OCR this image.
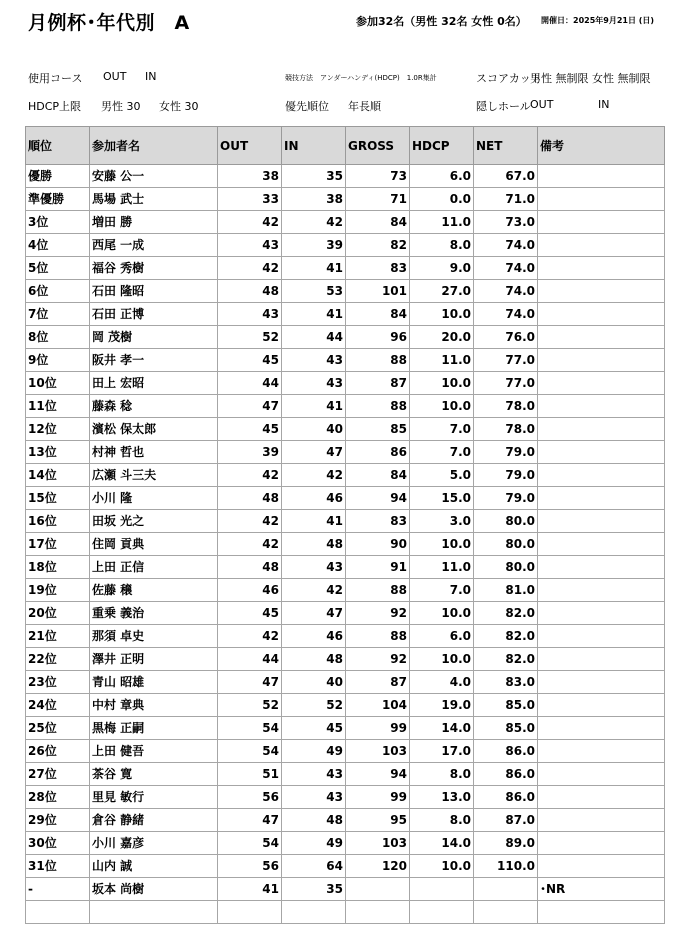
月例杯･年代別　A	参加32名（男性 32名 女性 0名） 開催日：2025年9月21日 (日)
使用コース OUT IN	競技方法　アンダーハンディ(HDCP)　1.0R集計	スコアカット
男性 無制限 女性 無制限
HDCP上限 男性 30 女性 30	優先順位 年長順	隠しホール OUT	IN
順位	参加者名	OUT	IN	GROSS	HDCP	NET	備考
優勝	安藤 公一	38	35	73	6.0	67.0	
準優勝	馬場 武士	33	38	71	0.0	71.0	
3位	増田 勝	42	42	84	11.0	73.0	
4位	西尾 一成	43	39	82	8.0	74.0	
5位	福谷 秀樹	42	41	83	9.0	74.0	
6位	石田 隆昭	48	53	101	27.0	74.0	
7位	石田 正博	43	41	84	10.0	74.0	
8位	岡 茂樹	52	44	96	20.0	76.0	
9位	阪井 孝一	45	43	88	11.0	77.0	
10位	田上 宏昭	44	43	87	10.0	77.0	
11位	藤森 稔	47	41	88	10.0	78.0	
12位	濱松 保太郎	45	40	85	7.0	78.0	
13位	村神 哲也	39	47	86	7.0	79.0	
14位	広瀬 斗三夫	42	42	84	5.0	79.0	
15位	小川 隆	48	46	94	15.0	79.0	
16位	田坂 光之	42	41	83	3.0	80.0	
17位	住岡 貢典	42	48	90	10.0	80.0	
18位	上田 正信	48	43	91	11.0	80.0	
19位	佐藤 穣	46	42	88	7.0	81.0	
20位	重乗 義治	45	47	92	10.0	82.0	
21位	那須 卓史	42	46	88	6.0	82.0	
22位	澤井 正明	44	48	92	10.0	82.0	
23位	青山 昭雄	47	40	87	4.0	83.0	
24位	中村 章典	52	52	104	19.0	85.0	
25位	黒梅 正嗣	54	45	99	14.0	85.0	
26位	上田 健吾	54	49	103	17.0	86.0	
27位	茶谷 寛	51	43	94	8.0	86.0	
28位	里見 敏行	56	43	99	13.0	86.0	
29位	倉谷 静緒	47	48	95	8.0	87.0	
30位	小川 嘉彦	54	49	103	14.0	89.0	
31位	山内 誠	56	64	120	10.0	110.0	
-	坂本 尚樹	41	35				･NR
